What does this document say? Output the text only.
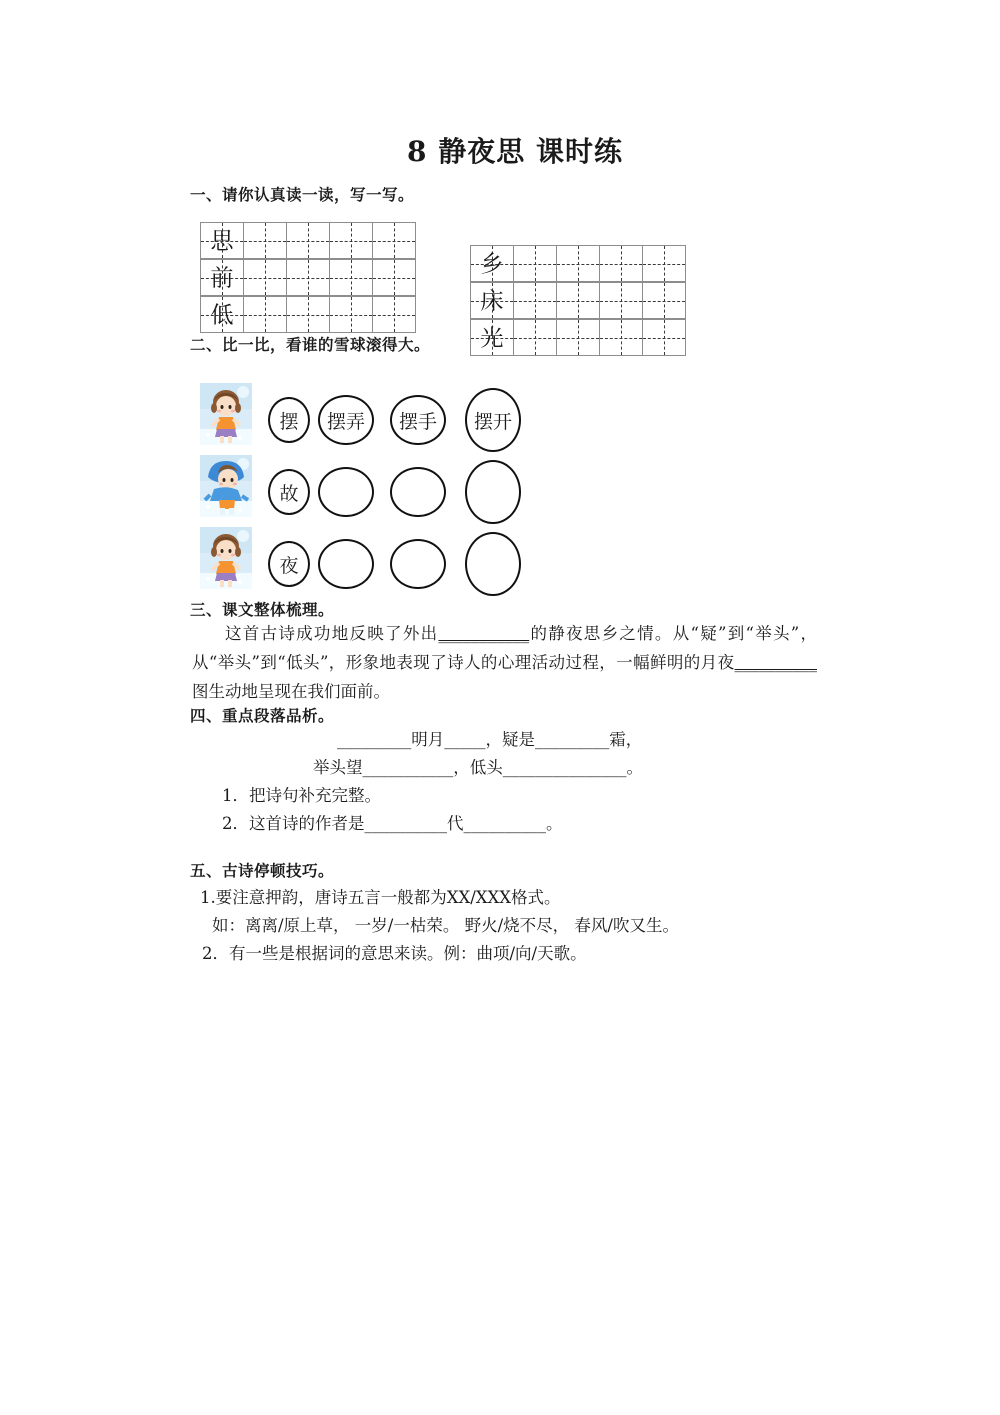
8 静夜思 课时练
一、请你认真读一读，写一写。
思
前
低
乡
床
光
二、比一比，看谁的雪球滚得大。
摆 摆弄 摆手 摆开
故
夜
三、课文整体梳理。
这首古诗成功地反映了外出___________的静夜思乡之情。从“疑”到“举头”，从“举头”到“低头”，形象地表现了诗人的心理活动过程，一幅鲜明的月夜__________图生动地呈现在我们面前。
四、重点段落品析。
_________明月_____，疑是_________霜，
举头望___________，低头_______________。
1．把诗句补充完整。
2．这首诗的作者是__________代__________。
五、古诗停顿技巧。
1.要注意押韵，唐诗五言一般都为XX/XXX格式。
如：离离/原上草， 一岁/一枯荣。 野火/烧不尽， 春风/吹又生。
2．有一些是根据词的意思来读。例：曲项/向/天歌。
